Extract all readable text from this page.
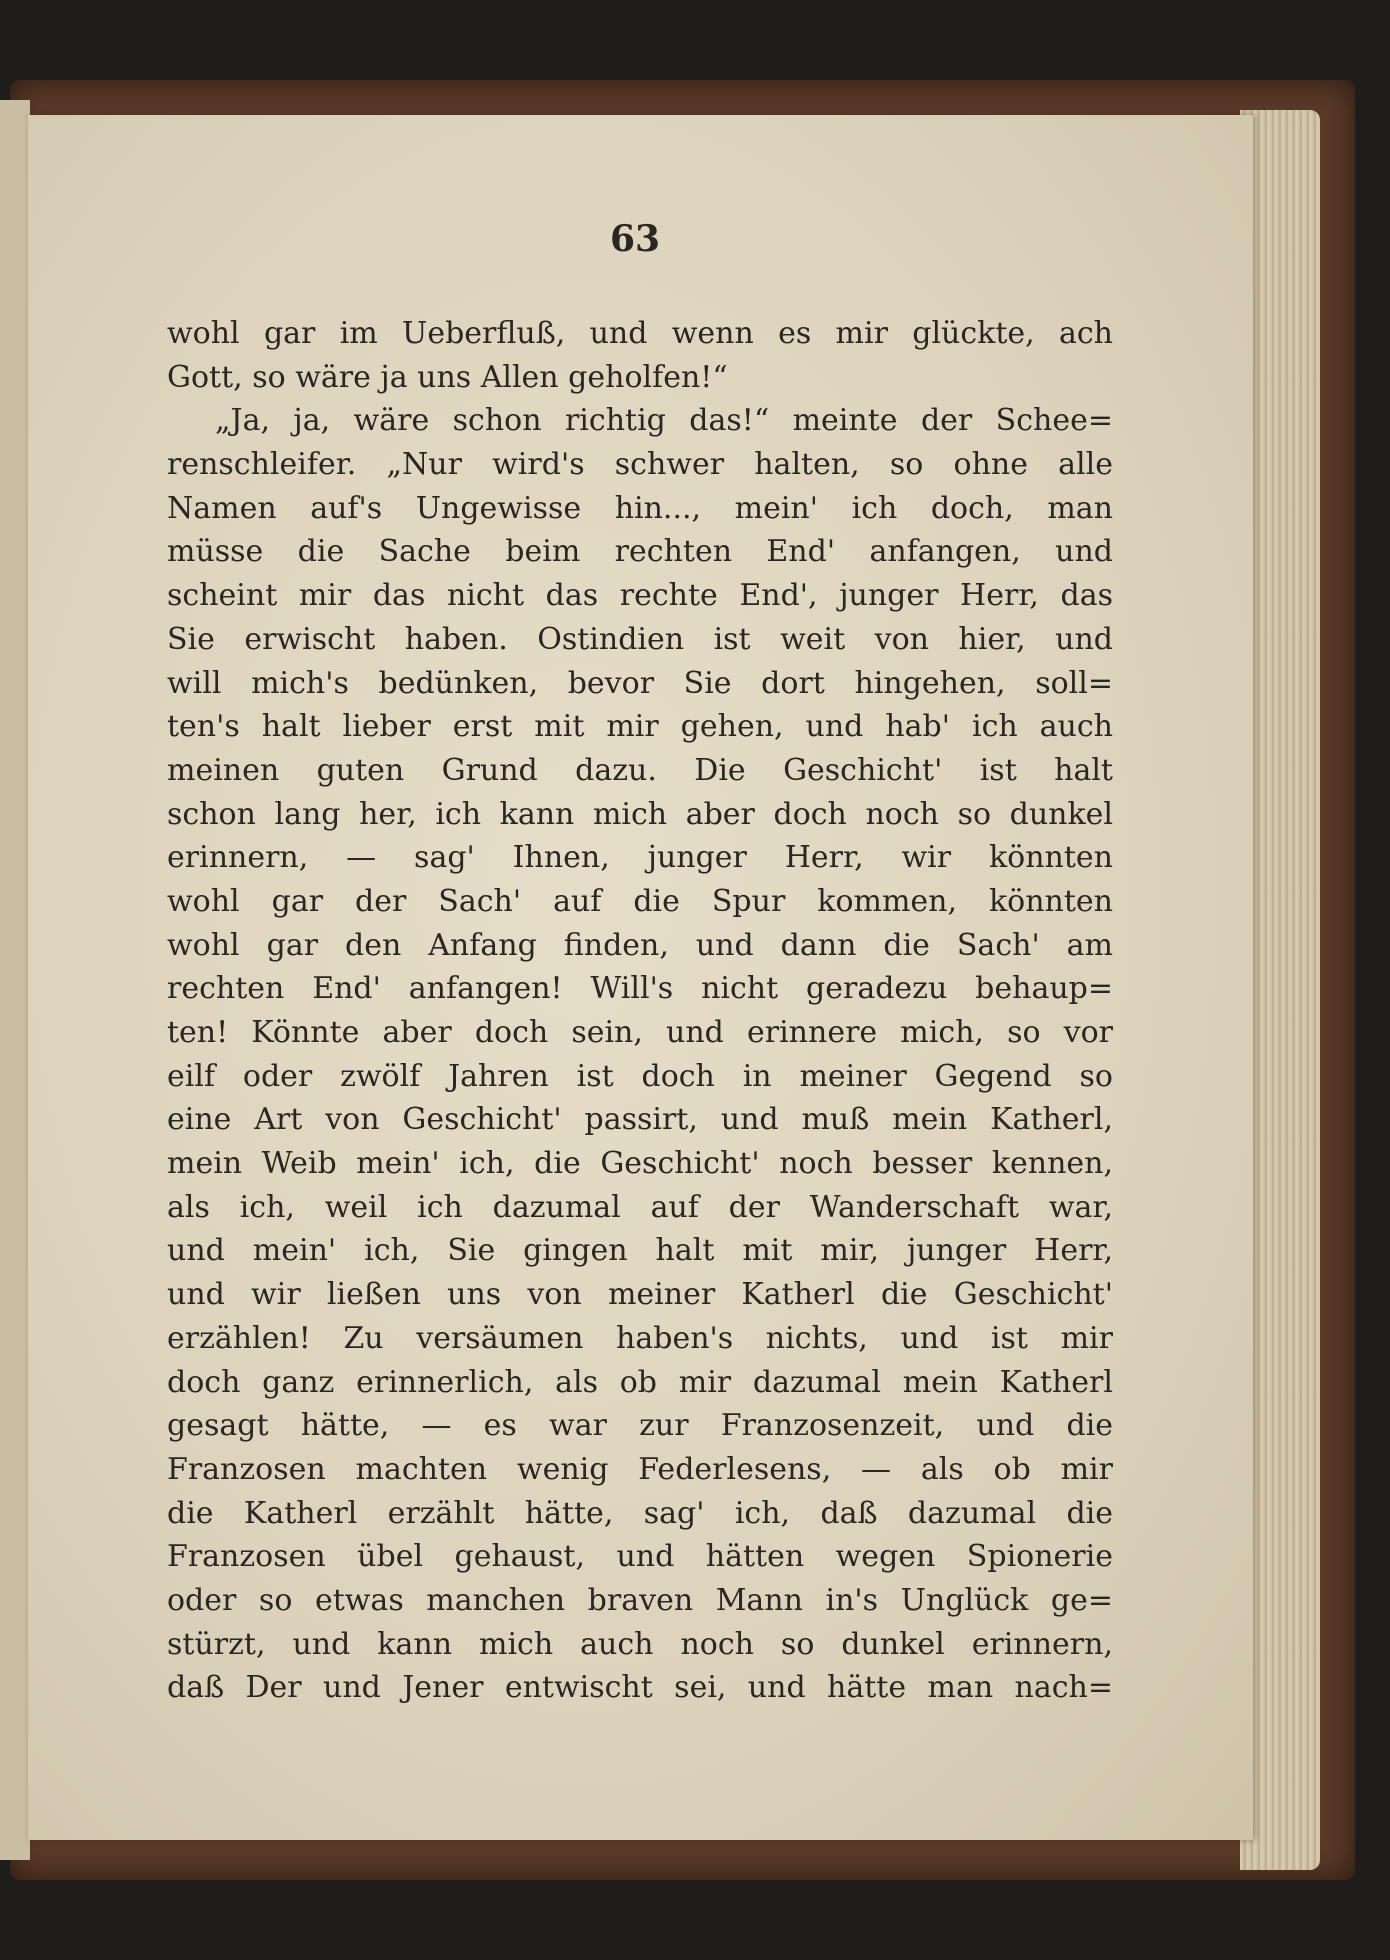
63
wohl gar im Ueberfluß, und wenn es mir glückte, ach
Gott, so wäre ja uns Allen geholfen!“
„Ja, ja, wäre schon richtig das!“ meinte der Schee=
renschleifer. „Nur wird's schwer halten, so ohne alle
Namen auf's Ungewisse hin..., mein' ich doch, man
müsse die Sache beim rechten End' anfangen, und
scheint mir das nicht das rechte End', junger Herr, das
Sie erwischt haben. Ostindien ist weit von hier, und
will mich's bedünken, bevor Sie dort hingehen, soll=
ten's halt lieber erst mit mir gehen, und hab' ich auch
meinen guten Grund dazu. Die Geschicht' ist halt
schon lang her, ich kann mich aber doch noch so dunkel
erinnern, — sag' Ihnen, junger Herr, wir könnten
wohl gar der Sach' auf die Spur kommen, könnten
wohl gar den Anfang finden, und dann die Sach' am
rechten End' anfangen! Will's nicht geradezu behaup=
ten! Könnte aber doch sein, und erinnere mich, so vor
eilf oder zwölf Jahren ist doch in meiner Gegend so
eine Art von Geschicht' passirt, und muß mein Katherl,
mein Weib mein' ich, die Geschicht' noch besser kennen,
als ich, weil ich dazumal auf der Wanderschaft war,
und mein' ich, Sie gingen halt mit mir, junger Herr,
und wir ließen uns von meiner Katherl die Geschicht'
erzählen! Zu versäumen haben's nichts, und ist mir
doch ganz erinnerlich, als ob mir dazumal mein Katherl
gesagt hätte, — es war zur Franzosenzeit, und die
Franzosen machten wenig Federlesens, — als ob mir
die Katherl erzählt hätte, sag' ich, daß dazumal die
Franzosen übel gehaust, und hätten wegen Spionerie
oder so etwas manchen braven Mann in's Unglück ge=
stürzt, und kann mich auch noch so dunkel erinnern,
daß Der und Jener entwischt sei, und hätte man nach=
